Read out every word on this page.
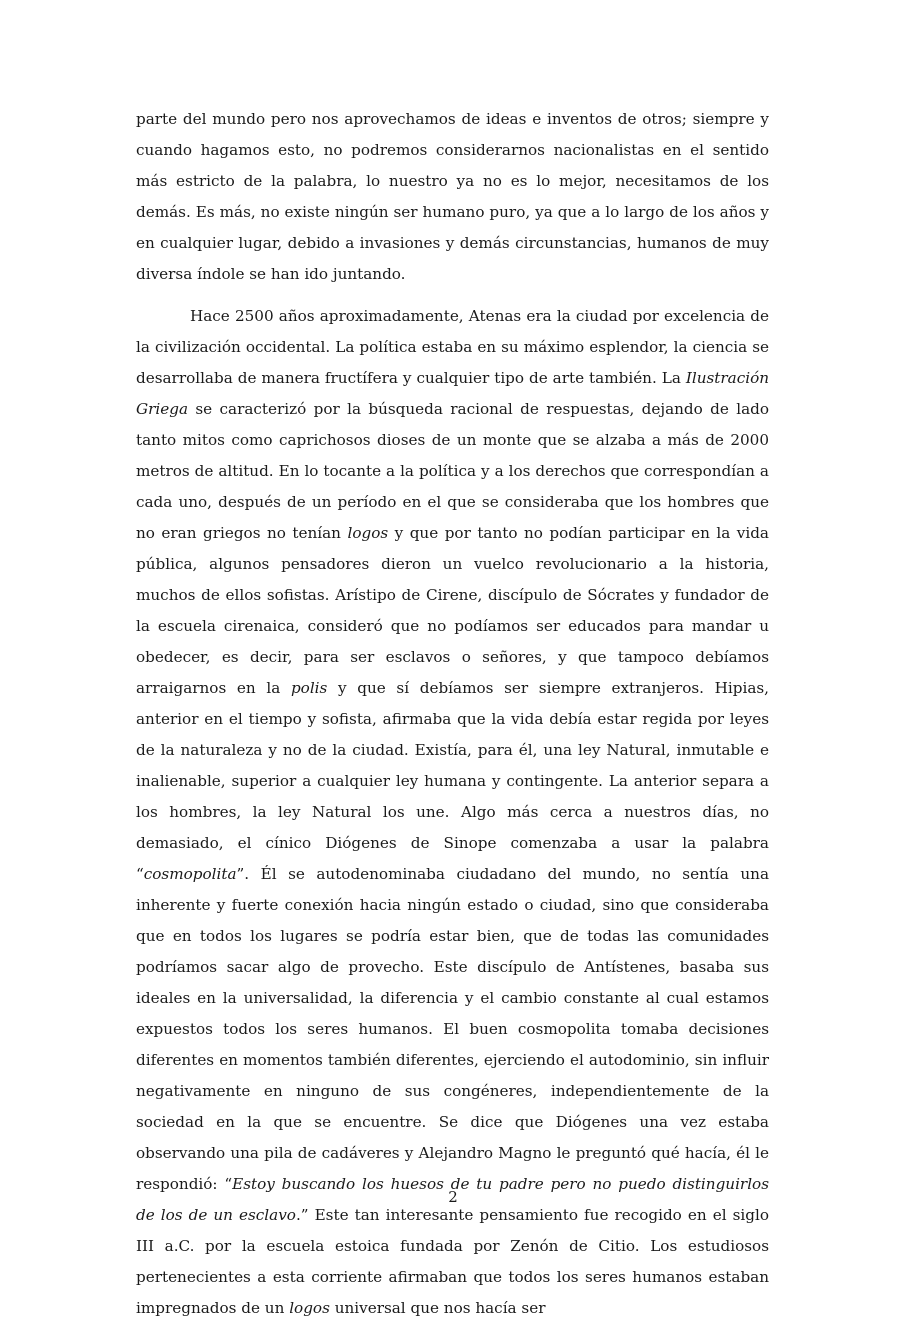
parte del mundo pero nos aprovechamos de ideas e inventos de otros; siempre y cuando hagamos esto, no podremos considerarnos nacionalistas en el sentido más estricto de la palabra, lo nuestro ya no es lo mejor, necesitamos de los demás. Es más, no existe ningún ser humano puro, ya que a lo largo de los años y en cualquier lugar, debido a invasiones y demás circunstancias, humanos de muy diversa índole se han ido juntando.

Hace 2500 años aproximadamente, Atenas era la ciudad por excelencia de la civilización occidental. La política estaba en su máximo esplendor, la ciencia se desarrollaba de manera fructífera y cualquier tipo de arte también. La Ilustración Griega se caracterizó por la búsqueda racional de respuestas, dejando de lado tanto mitos como caprichosos dioses de un monte que se alzaba a más de 2000 metros de altitud. En lo tocante a la política y a los derechos que correspondían a cada uno, después de un período en el que se consideraba que los hombres que no eran griegos no tenían logos y que por tanto no podían participar en la vida pública, algunos pensadores dieron un vuelco revolucionario a la historia, muchos de ellos sofistas. Arístipo de Cirene, discípulo de Sócrates y fundador de la escuela cirenaica, consideró que no podíamos ser educados para mandar u obedecer, es decir, para ser esclavos o señores, y que tampoco debíamos arraigarnos en la polis y que sí debíamos ser siempre extranjeros. Hipias, anterior en el tiempo y sofista, afirmaba que la vida debía estar regida por leyes de la naturaleza y no de la ciudad. Existía, para él, una ley Natural, inmutable e inalienable, superior a cualquier ley humana y contingente. La anterior separa a los hombres, la ley Natural los une. Algo más cerca a nuestros días, no demasiado, el cínico Diógenes de Sinope comenzaba a usar la palabra “cosmopolita”. Él se autodenominaba ciudadano del mundo, no sentía una inherente y fuerte conexión hacia ningún estado o ciudad, sino que consideraba que en todos los lugares se podría estar bien, que de todas las comunidades podríamos sacar algo de provecho. Este discípulo de Antístenes, basaba sus ideales en la universalidad, la diferencia y el cambio constante al cual estamos expuestos todos los seres humanos. El buen cosmopolita tomaba decisiones diferentes en momentos también diferentes, ejerciendo el autodominio, sin influir negativamente en ninguno de sus congéneres, independientemente de la sociedad en la que se encuentre. Se dice que Diógenes una vez estaba observando una pila de cadáveres y Alejandro Magno le preguntó qué hacía, él le respondió: “Estoy buscando los huesos de tu padre pero no puedo distinguirlos de los de un esclavo.” Este tan interesante pensamiento fue recogido en el siglo III a.C. por la escuela estoica fundada por Zenón de Citio. Los estudiosos pertenecientes a esta corriente afirmaban que todos los seres humanos estaban impregnados de un logos universal que nos hacía ser

2
